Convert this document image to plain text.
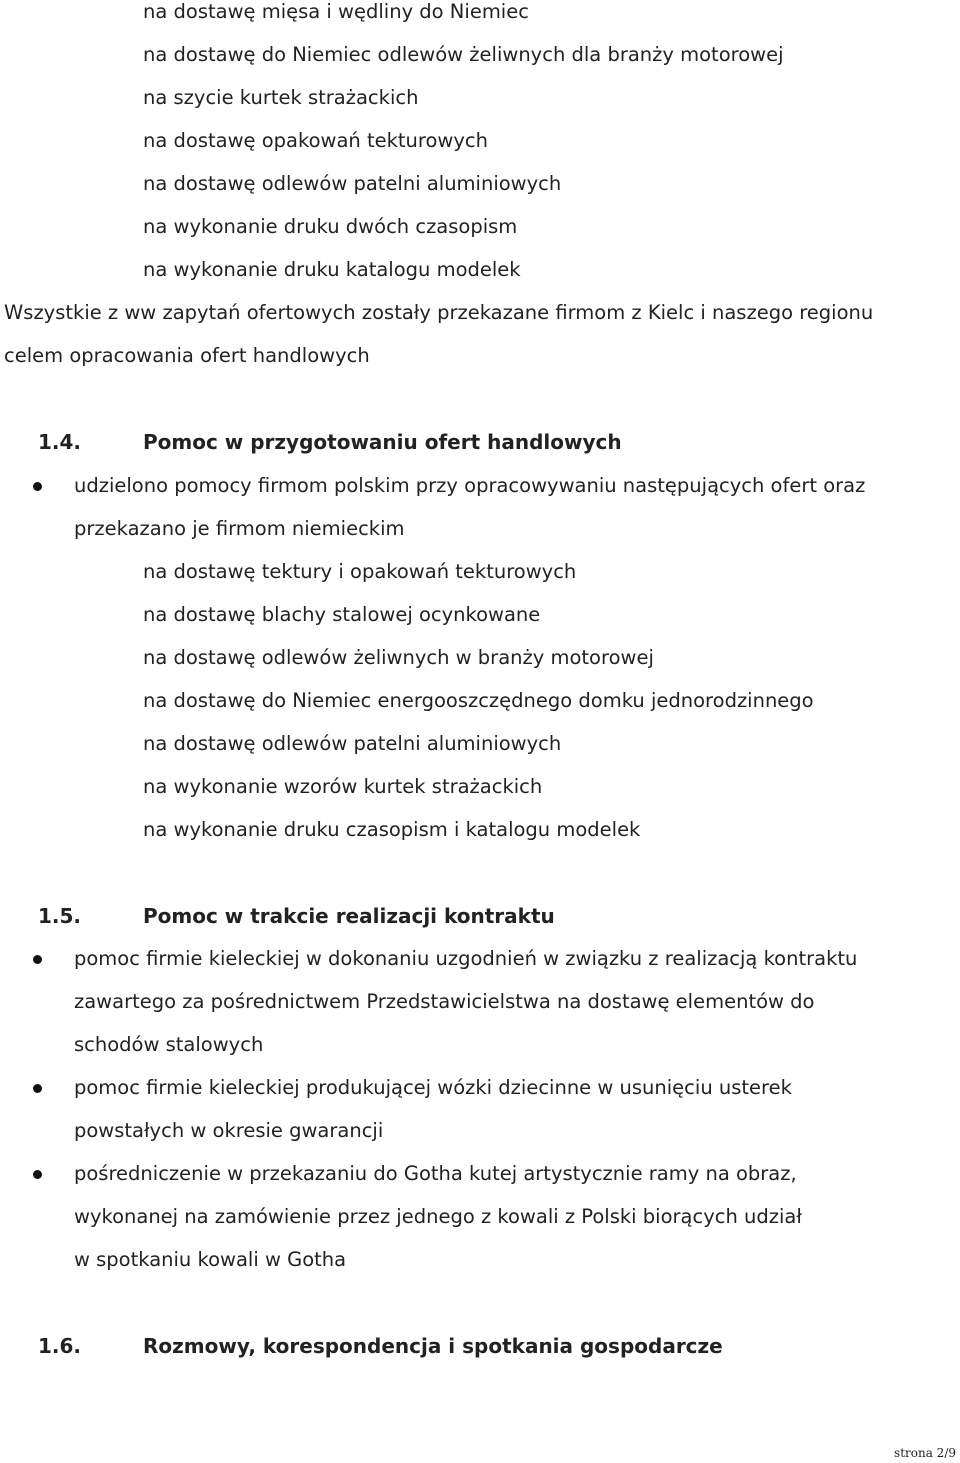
na dostawę mięsa i wędliny do Niemiec
na dostawę do Niemiec odlewów żeliwnych dla branży motorowej
na szycie kurtek strażackich
na dostawę opakowań tekturowych
na dostawę odlewów patelni aluminiowych
na wykonanie druku dwóch czasopism
na wykonanie druku katalogu modelek
Wszystkie z ww zapytań ofertowych zostały przekazane firmom z Kielc i naszego regionu
celem opracowania ofert handlowych
1.4.	Pomoc w przygotowaniu ofert handlowych
udzielono pomocy firmom polskim przy opracowywaniu następujących ofert oraz
przekazano je firmom niemieckim
na dostawę tektury i opakowań tekturowych
na dostawę blachy stalowej ocynkowane
na dostawę odlewów żeliwnych w branży motorowej
na dostawę do Niemiec energooszczędnego domku jednorodzinnego
na dostawę odlewów patelni aluminiowych
na wykonanie wzorów kurtek strażackich
na wykonanie druku czasopism i katalogu modelek
1.5.	Pomoc w trakcie realizacji kontraktu
pomoc firmie kieleckiej w dokonaniu uzgodnień w związku z realizacją kontraktu
zawartego za pośrednictwem Przedstawicielstwa na dostawę elementów do
schodów stalowych
pomoc firmie kieleckiej produkującej wózki dziecinne w usunięciu usterek
powstałych w okresie gwarancji
pośredniczenie w przekazaniu do Gotha kutej artystycznie ramy na obraz,
wykonanej na zamówienie przez jednego z kowali z Polski biorących udział
w spotkaniu kowali w Gotha
1.6.	Rozmowy, korespondencja i spotkania gospodarcze
strona 2/9
